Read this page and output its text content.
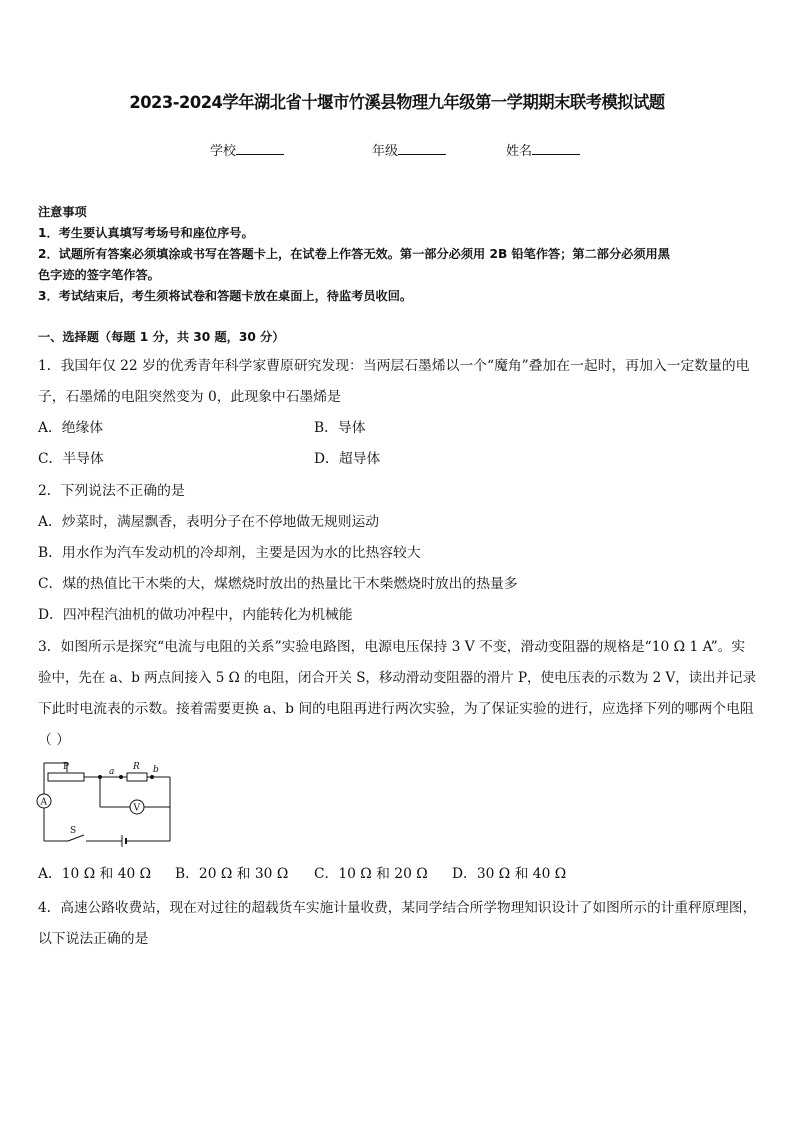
2023-2024学年湖北省十堰市竹溪县物理九年级第一学期期末联考模拟试题
学校	年级	姓名
注意事项
1．考生要认真填写考场号和座位序号。
2．试题所有答案必须填涂或书写在答题卡上，在试卷上作答无效。第一部分必须用 2B 铅笔作答；第二部分必须用黑
色字迹的签字笔作答。
3．考试结束后，考生须将试卷和答题卡放在桌面上，待监考员收回。
一、选择题（每题 1 分，共 30 题，30 分）
1．我国年仅 22 岁的优秀青年科学家曹原研究发现：当两层石墨烯以一个“魔角”叠加在一起时，再加入一定数量的电
子，石墨烯的电阻突然变为 0，此现象中石墨烯是
A．绝缘体	B．导体
C．半导体	D．超导体
2．下列说法不正确的是
A．炒菜时，满屋飘香，表明分子在不停地做无规则运动
B．用水作为汽车发动机的冷却剂，主要是因为水的比热容较大
C．煤的热值比干木柴的大，煤燃烧时放出的热量比干木柴燃烧时放出的热量多
D．四冲程汽油机的做功冲程中，内能转化为机械能
3．如图所示是探究“电流与电阻的关系”实验电路图，电源电压保持 3 V 不变，滑动变阻器的规格是“10 Ω 1 A”。实
验中，先在 a、b 两点间接入 5 Ω 的电阻，闭合开关 S，移动滑动变阻器的滑片 P，使电压表的示数为 2 V，读出并记录
下此时电流表的示数。接着需要更换 a、b 间的电阻再进行两次实验，为了保证实验的进行，应选择下列的哪两个电阻
（ ）
A
P	a R b
V
S
A．10 Ω 和 40 Ω B．20 Ω 和 30 Ω C．10 Ω 和 20 Ω D．30 Ω 和 40 Ω
4．高速公路收费站，现在对过往的超载货车实施计量收费，某同学结合所学物理知识设计了如图所示的计重秤原理图，
以下说法正确的是
